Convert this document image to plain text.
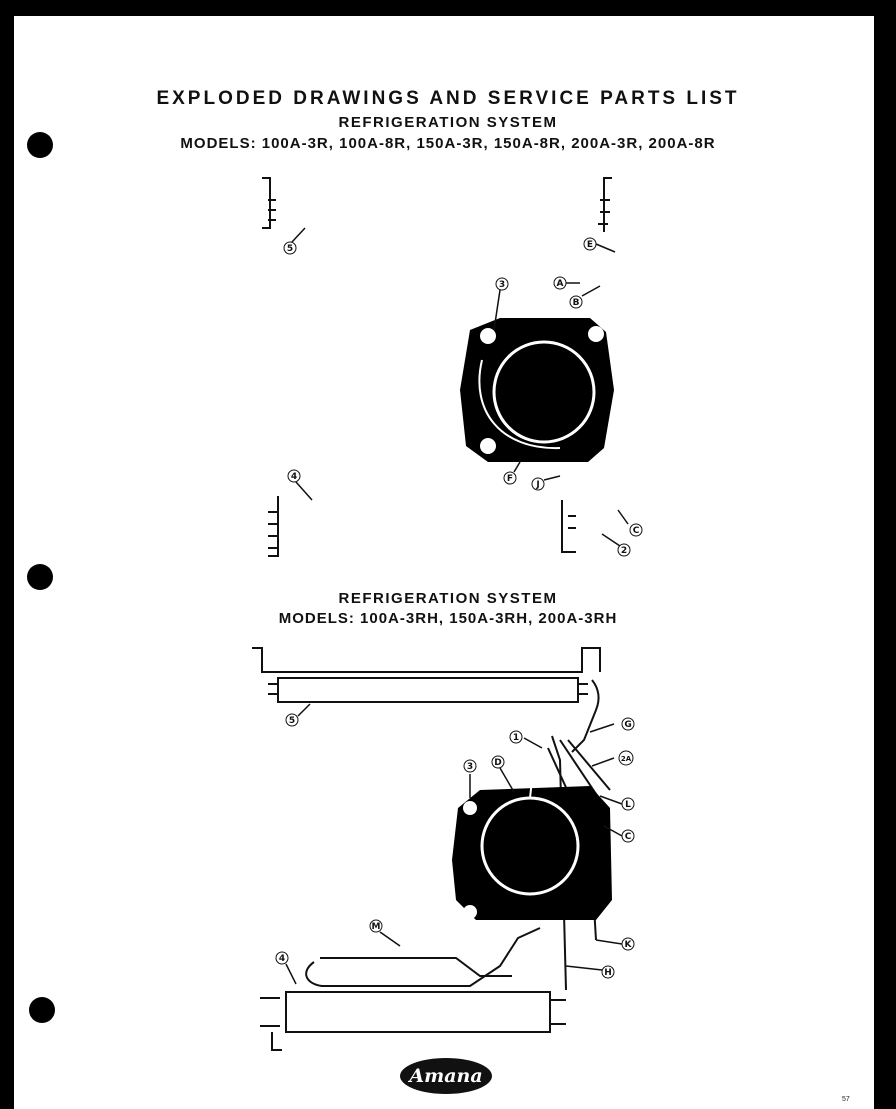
EXPLODED DRAWINGS AND SERVICE PARTS LIST
REFRIGERATION SYSTEM
MODELS: 100A-3R, 100A-8R, 150A-3R, 150A-8R, 200A-3R, 200A-8R
REFRIGERATION SYSTEM
MODELS: 100A-3RH, 150A-3RH, 200A-3RH
5	E
A
B
3
F
J
C
2
4
5	G
1
2A
3 D
L
C
M
K
H
4
Amana
57
